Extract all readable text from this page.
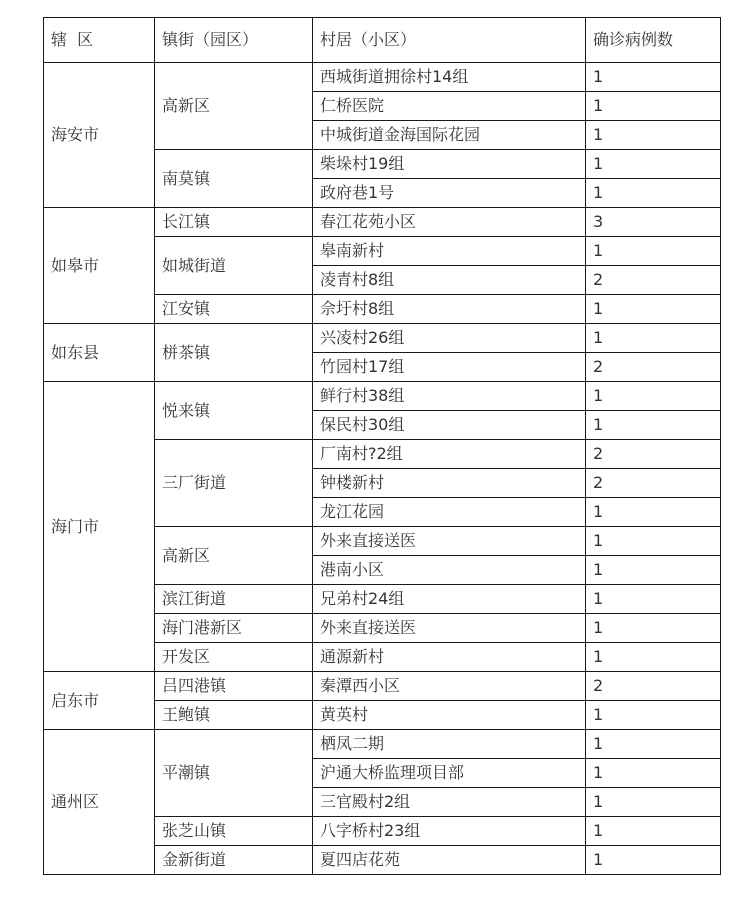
辖  区	镇街（园区）	村居（小区）	确诊病例数
海安市	高新区	西城街道拥徐村14组	1
		仁桥医院	1
		中城街道金海国际花园	1
	南莫镇	柴垛村19组	1
		政府巷1号	1
如皋市	长江镇	春江花苑小区	3
	如城街道	皋南新村	1
		凌青村8组	2
	江安镇	佘圩村8组	1
如东县	栟茶镇	兴凌村26组	1
		竹园村17组	2
海门市	悦来镇	鲜行村38组	1
		保民村30组	1
	三厂街道	厂南村?2组	2
		钟楼新村	2
		龙江花园	1
	高新区	外来直接送医	1
		港南小区	1
	滨江街道	兄弟村24组	1
	海门港新区	外来直接送医	1
	开发区	通源新村	1
启东市	吕四港镇	秦潭西小区	2
	王鲍镇	黄英村	1
通州区	平潮镇	栖凤二期	1
		沪通大桥监理项目部	1
		三官殿村2组	1
	张芝山镇	八字桥村23组	1
	金新街道	夏四店花苑	1
